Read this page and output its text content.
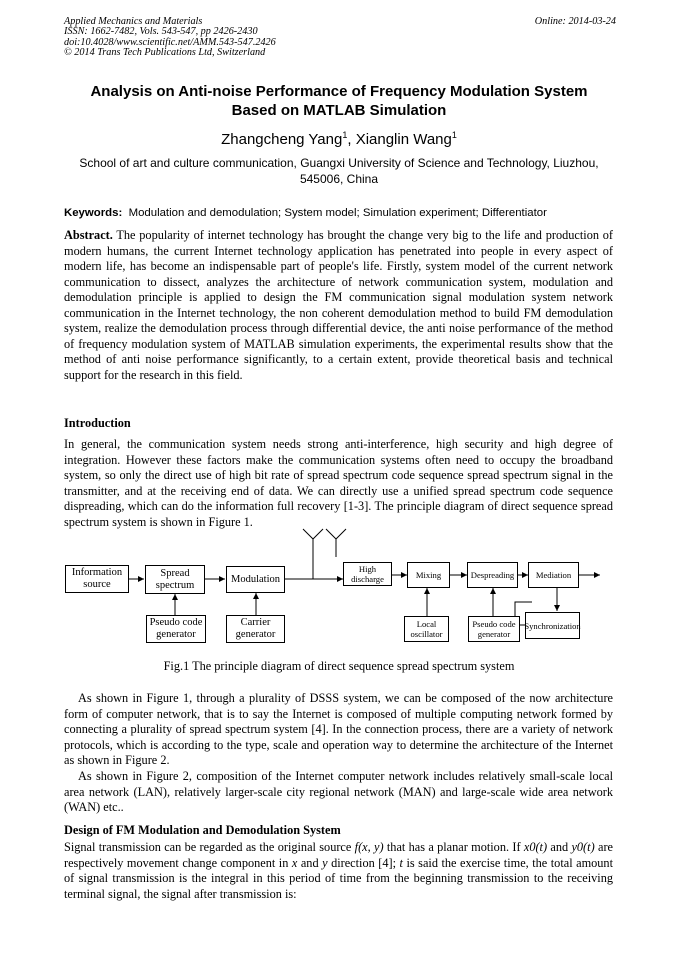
Applied Mechanics and Materials
ISSN: 1662-7482, Vols. 543-547, pp 2426-2430
doi:10.4028/www.scientific.net/AMM.543-547.2426
© 2014 Trans Tech Publications Ltd, Switzerland
Online: 2014-03-24
Analysis on Anti-noise Performance of Frequency Modulation System
Based on MATLAB Simulation
Zhangcheng Yang$^1$, Xianglin Wang$^1$
School of art and culture communication, Guangxi University of Science and Technology, Liuzhou,
545006, China
Keywords: Modulation and demodulation; System model; Simulation experiment; Differentiator
Abstract. The popularity of internet technology has brought the change very big to the life and production of modern humans, the current Internet technology application has penetrated into people in every aspect of modern life, has become an indispensable part of people's life. Firstly, system model of the current network communication to dissect, analyzes the architecture of network communication system, modulation and demodulation principle is applied to design the FM communication signal modulation system network communication in the Internet technology, the non coherent demodulation method to build FM demodulation system, realize the demodulation process through differential device, the anti noise performance of the method of frequency modulation system of MATLAB simulation experiments, the experimental results show that the method of anti noise performance significantly, to a certain extent, provide theoretical basis and technical support for the research in this field.
Introduction
In general, the communication system needs strong anti-interference, high security and high degree of integration. However these factors make the communication systems often need to occupy the broadband system, so only the direct use of high bit rate of spread spectrum code sequence spread spectrum signal in the transmitter, and at the receiving end of data. We can directly use a unified spread spectrum code sequence dispreading, which can do the information full recovery [1-3]. The principle diagram of direct sequence spread spectrum system is shown in Figure 1.
Information
source
Spread
spectrum
Modulation
Pseudo code
generator
Carrier
generator
High
discharge	Mixing	Despreading	Mediation
Local
oscillator
Pseudo code
generator
Synchronization
Fig.1 The principle diagram of direct sequence spread spectrum system
As shown in Figure 1, through a plurality of DSSS system, we can be composed of the now architecture form of computer network, that is to say the Internet is composed of multiple computing network formed by connecting a plurality of spread spectrum system [4]. In the connection process, there are a variety of network protocols, which is according to the type, scale and operation way to determine the architecture of the Internet as shown in Figure 2.
As shown in Figure 2, composition of the Internet computer network includes relatively small-scale local area network (LAN), relatively larger-scale city regional network (MAN) and large-scale wide area network (WAN) etc..
Design of FM Modulation and Demodulation System
Signal transmission can be regarded as the original source f(x, y) that has a planar motion. If x0(t) and y0(t) are respectively movement change component in x and y direction [4]; t is said the exercise time, the total amount of signal transmission is the integral in this period of time from the beginning transmission to the receiving terminal signal, the signal after transmission is:
